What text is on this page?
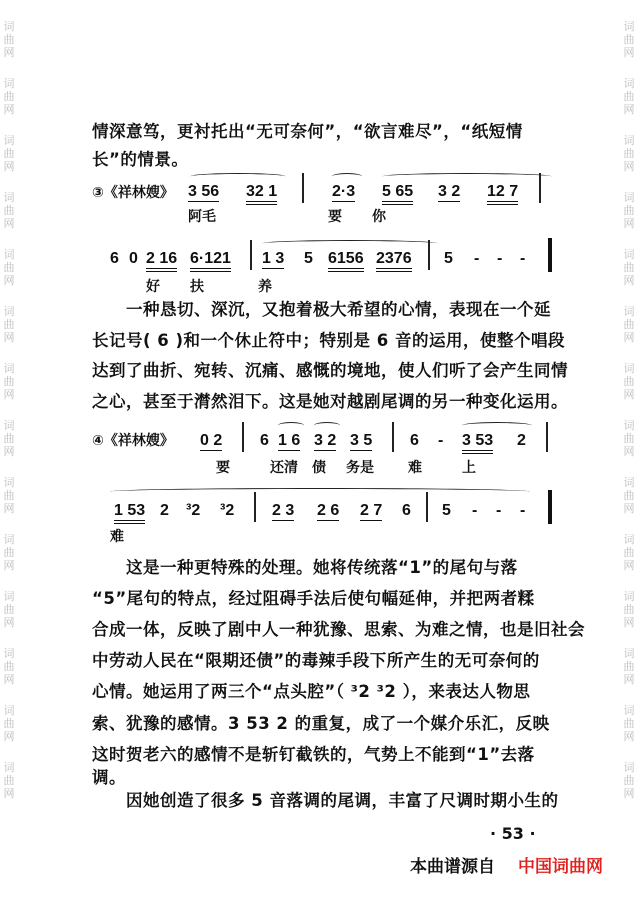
词曲网
词曲网
词曲网
词曲网
词曲网
词曲网
词曲网
词曲网
词曲网
词曲网
词曲网
词曲网
词曲网
词曲网
词曲网
词曲网
词曲网
词曲网
词曲网
词曲网
词曲网
词曲网
词曲网
词曲网
词曲网
词曲网
词曲网
词曲网
情深意笃，更衬托出“无可奈何”，“欲言难尽”，“纸短情
长”的情景。
③《祥林嫂》 3 56 32 1	2·3 5 65 3 2 12 7
阿毛	要 你
6 0 2 16 6·121 1 3 5 6156 2376 5 - - -
好 扶	养
一种恳切、深沉，又抱着极大希望的心情，表现在一个延
长记号( 6 )和一个休止符中；特别是 6 音的运用，使整个唱段
达到了曲折、宛转、沉痛、感慨的境地，使人们听了会产生同情
之心，甚至于潸然泪下。这是她对越剧尾调的另一种变化运用。
④《祥林嫂》 0 2 6 1 6 3 2 3 5 6 - 3 53 2
要	还清 债 务是 难	上
1 53 2 ³2 ³2 2 3 2 6 2 7 6 5 - - -
难
这是一种更特殊的处理。她将传统落“1”的尾句与落
“5”尾句的特点，经过阻碍手法后使句幅延伸，并把两者糅
合成一体，反映了剧中人一种犹豫、思索、为难之情，也是旧社会
中劳动人民在“限期还债”的毒辣手段下所产生的无可奈何的
心情。她运用了两三个“点头腔”（ ³2 ³2 ），来表达人物思
索、犹豫的感情。3 53 2 的重复，成了一个媒介乐汇，反映
这时贺老六的感情不是斩钉截铁的，气势上不能到“1”去落
调。
因她创造了很多 5 音落调的尾调，丰富了尺调时期小生的
· 53 ·
本曲谱源自 中国词曲网
